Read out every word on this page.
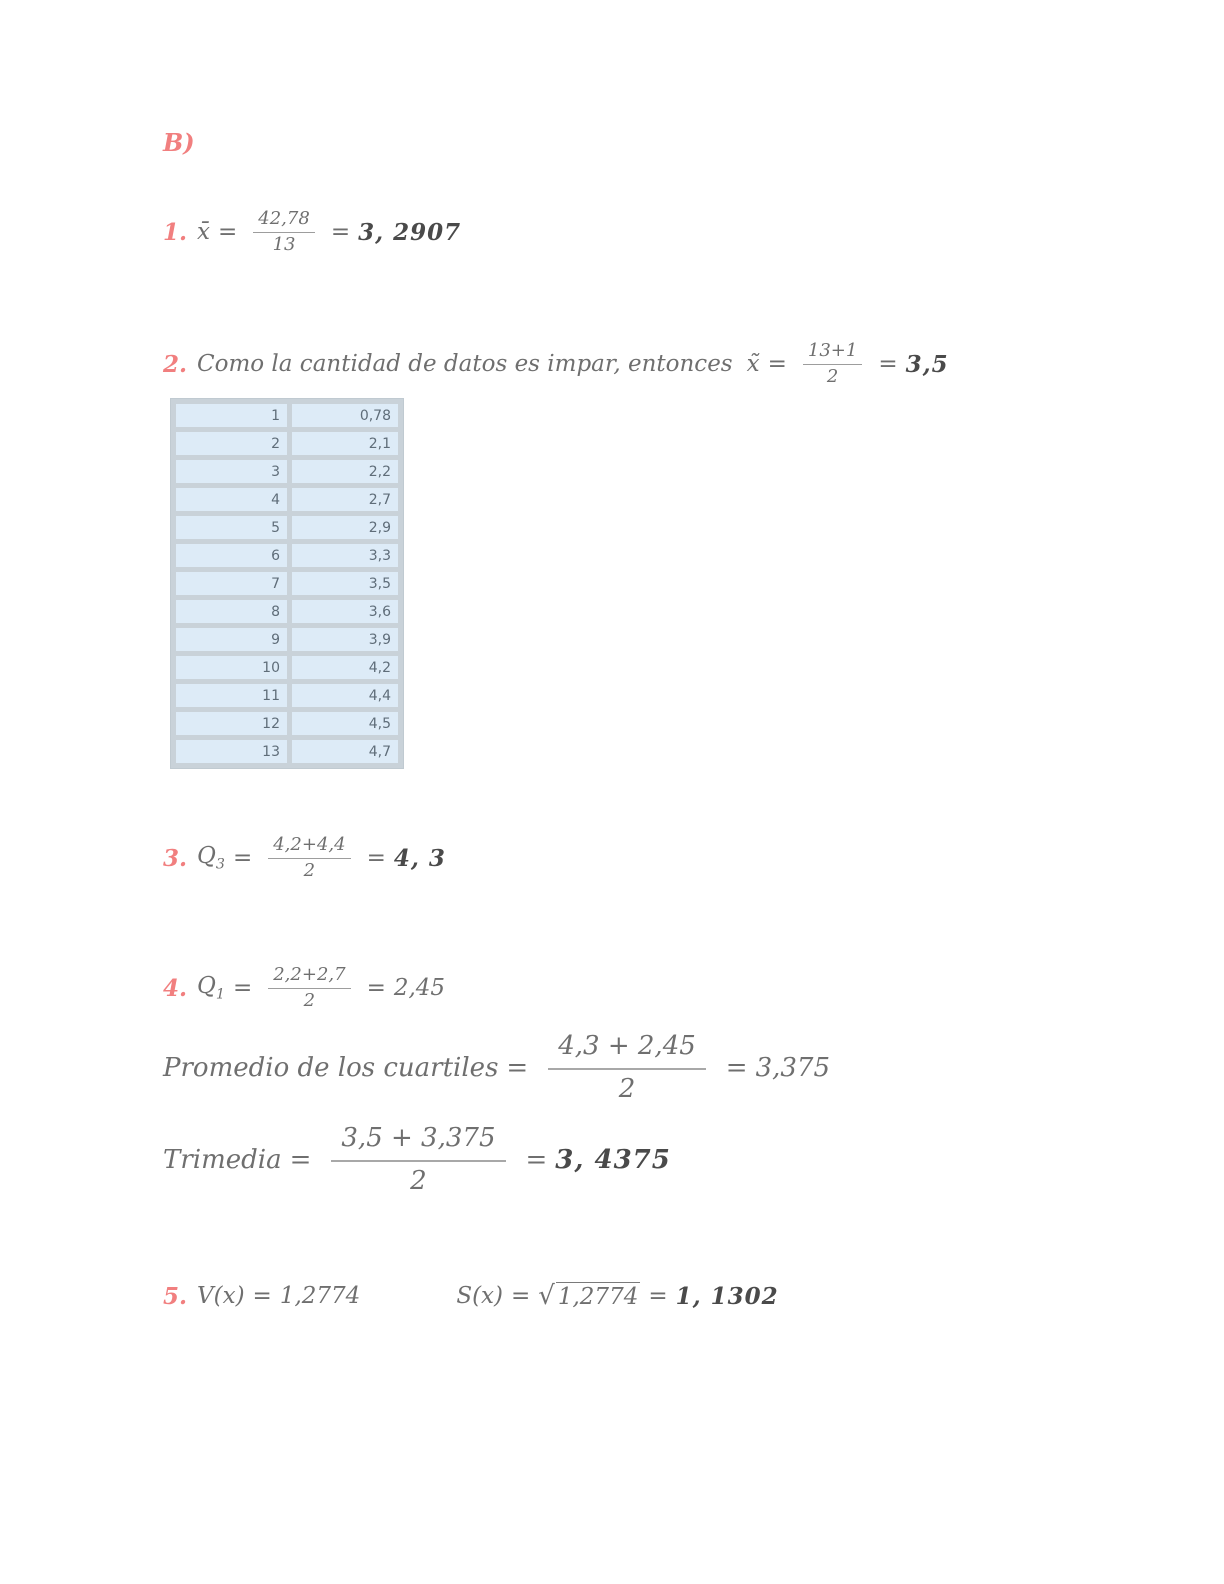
B)
1. x̄ = $\frac{42,78}{13} = 3$, 2907
2. Como la cantidad de datos es impar, entonces x̃ = $\frac{13+1}{2} = 3,5$
1	0,78
2	2,1
3	2,2
4	2,7
5	2,9
6	3,3
7	3,5
8	3,6
9	3,9
10	4,2
11	4,4
12	4,5
13	4,7
3. $Q_3 = \frac{4,2+4,4}{2} = 4$, 3
4. $Q_1 = \frac{2,2+2,7}{2} = 2,45$
Promedio de los cuartiles = $\frac{4,3 + 2,45}{2} = 3,375$
Trimedia = $\frac{3,5 + 3,375}{2} = 3$, 4375
5. V(x) = 1,2774	S(x) = √ 1,2774 = 1, 1302
